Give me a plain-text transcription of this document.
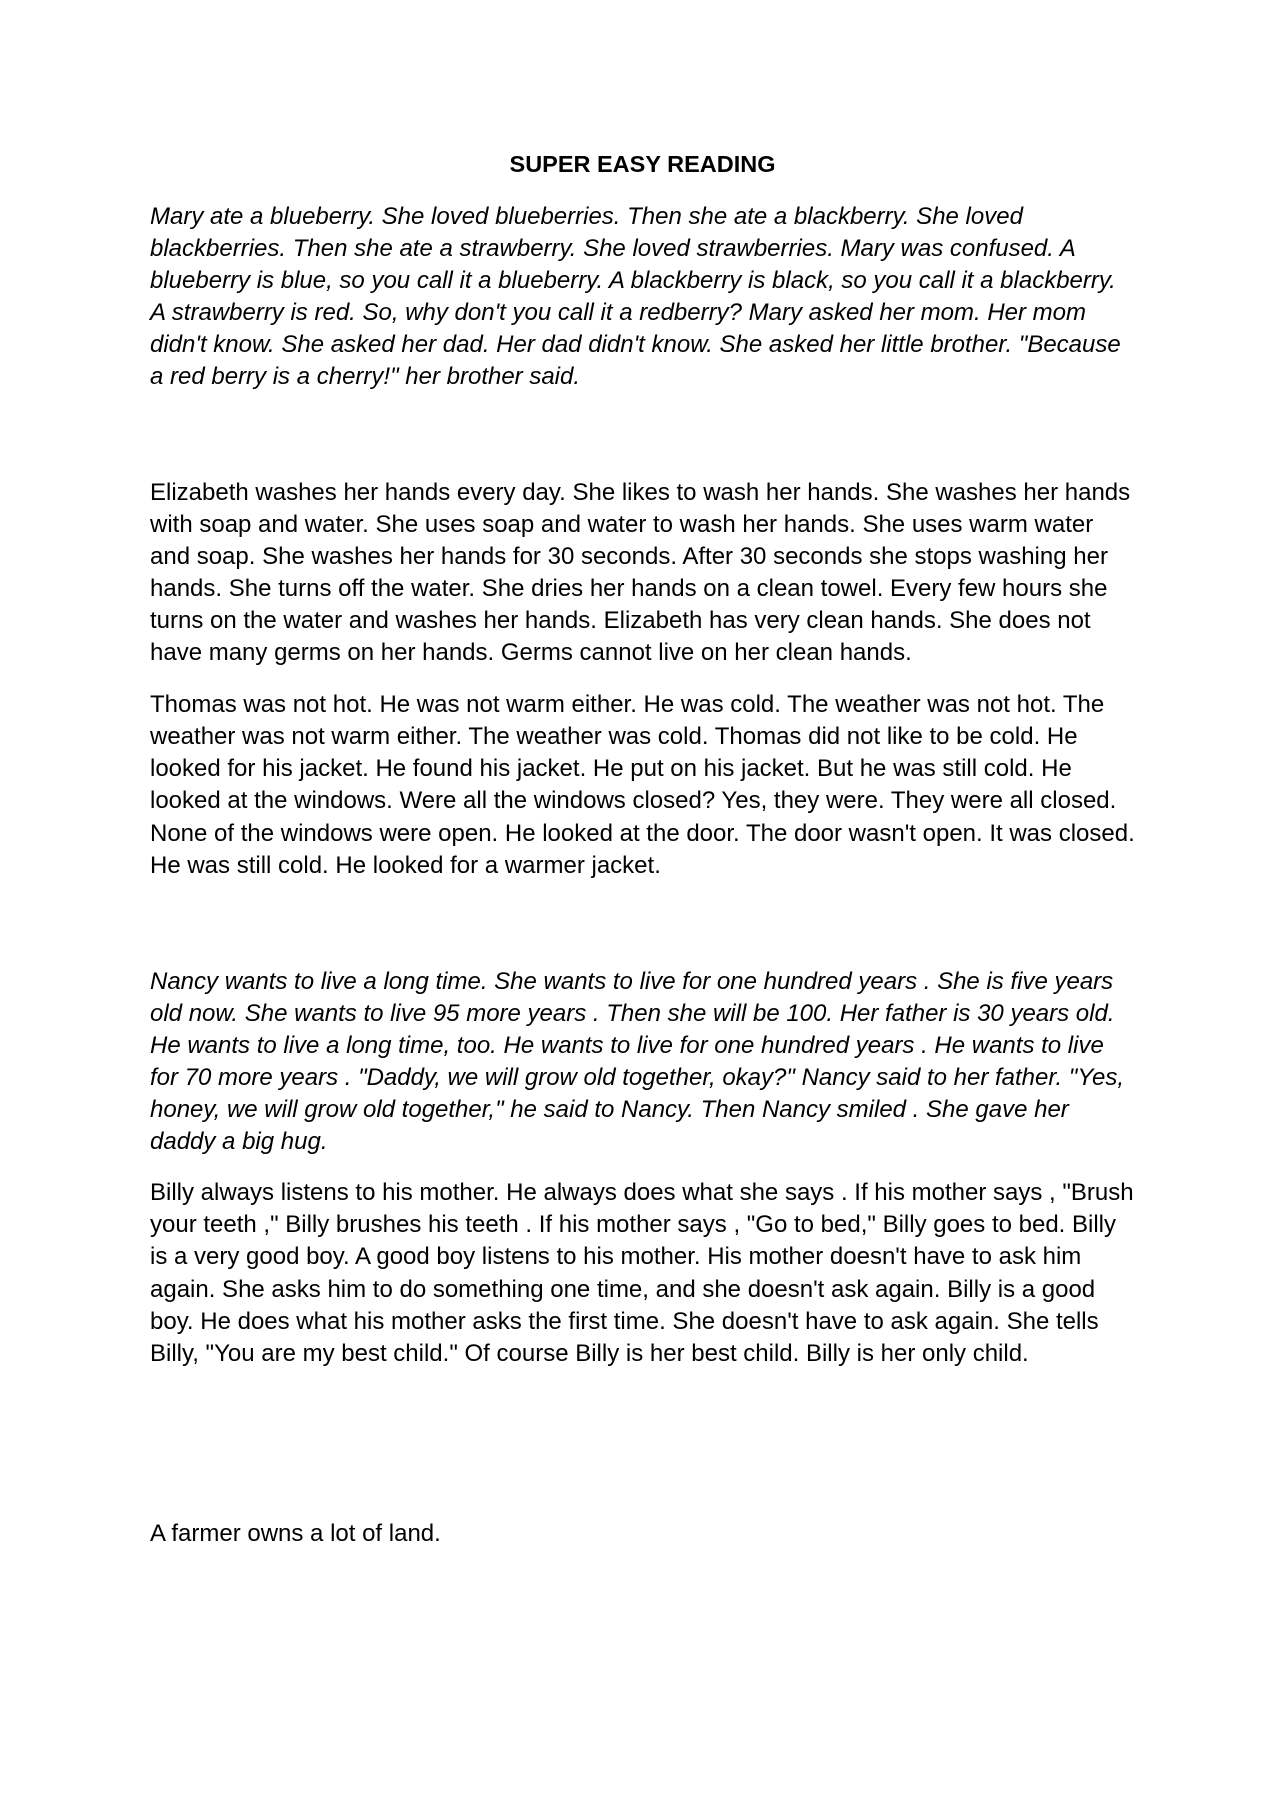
SUPER EASY READING

Mary ate a blueberry. She loved blueberries. Then she ate a blackberry. She loved blackberries. Then she ate a strawberry. She loved strawberries. Mary was confused. A blueberry is blue, so you call it a blueberry. A blackberry is black, so you call it a blackberry. A strawberry is red. So, why don't you call it a redberry? Mary asked her mom. Her mom didn't know. She asked her dad. Her dad didn't know. She asked her little brother. "Because a red berry is a cherry!" her brother said.

Elizabeth washes her hands every day. She likes to wash her hands. She washes her hands with soap and water. She uses soap and water to wash her hands. She uses warm water and soap. She washes her hands for 30 seconds. After 30 seconds she stops washing her hands. She turns off the water. She dries her hands on a clean towel. Every few hours she turns on the water and washes her hands. Elizabeth has very clean hands. She does not have many germs on her hands. Germs cannot live on her clean hands.

Thomas was not hot. He was not warm either. He was cold. The weather was not hot. The weather was not warm either. The weather was cold. Thomas did not like to be cold. He looked for his jacket. He found his jacket. He put on his jacket. But he was still cold. He looked at the windows. Were all the windows closed? Yes, they were. They were all closed. None of the windows were open. He looked at the door. The door wasn't open. It was closed. He was still cold. He looked for a warmer jacket.

Nancy wants to live a long time. She wants to live for one hundred years . She is five years old now. She wants to live 95 more years . Then she will be 100. Her father is 30 years old. He wants to live a long time, too. He wants to live for one hundred years . He wants to live for 70 more years . "Daddy, we will grow old together, okay?" Nancy said to her father. "Yes, honey, we will grow old together," he said to Nancy. Then Nancy smiled . She gave her daddy a big hug.

Billy always listens to his mother. He always does what she says . If his mother says , "Brush your teeth ," Billy brushes his teeth . If his mother says , "Go to bed," Billy goes to bed. Billy is a very good boy. A good boy listens to his mother. His mother doesn't have to ask him again. She asks him to do something one time, and she doesn't ask again. Billy is a good boy. He does what his mother asks the first time. She doesn't have to ask again. She tells Billy, "You are my best child." Of course Billy is her best child. Billy is her only child.

A farmer owns a lot of land.
